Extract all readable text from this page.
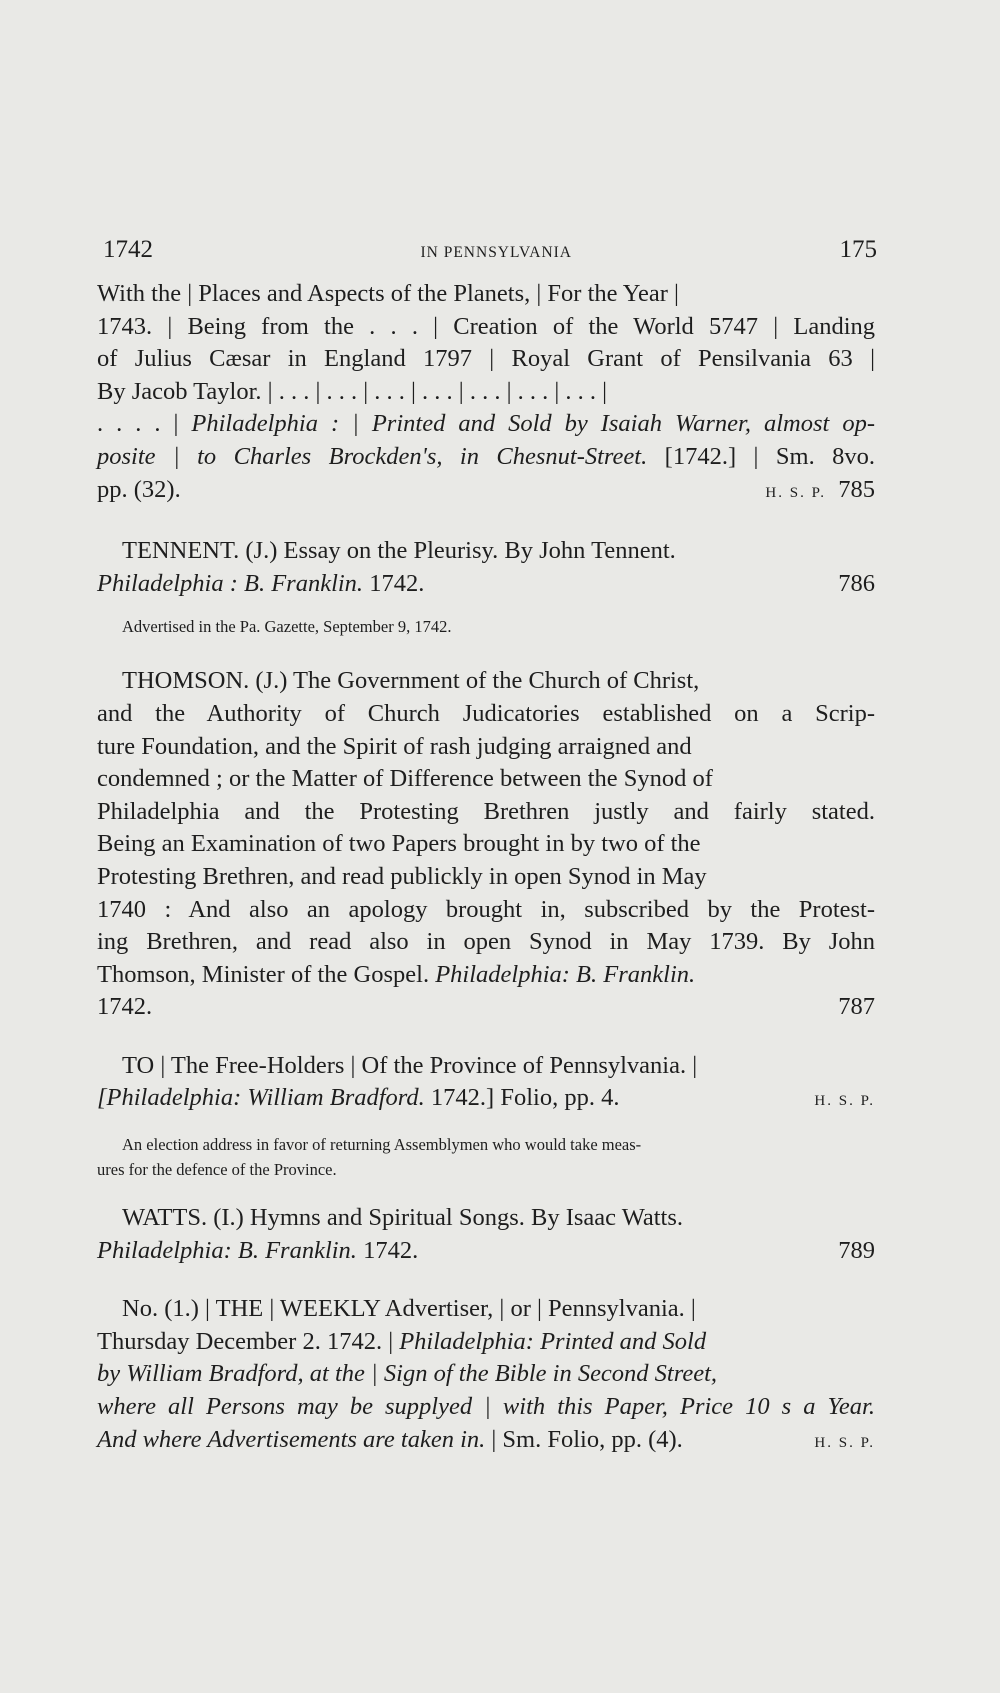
1742	IN PENNSYLVANIA	175
With the | Places and Aspects of the Planets, | For the Year |
1743. | Being from the . . . | Creation of the World 5747 | Landing
of Julius Cæsar in England 1797 | Royal Grant of Pensilvania 63 |
By Jacob Taylor. | . . . | . . . | . . . | . . . | . . . | . . . | . . . |
. . . . | Philadelphia : | Printed and Sold by Isaiah Warner, almost op-
posite | to Charles Brockden's, in Chesnut-Street. [1742.] | Sm. 8vo.
pp. (32).	H. S. P. 785
TENNENT. (J.) Essay on the Pleurisy. By John Tennent.
Philadelphia : B. Franklin. 1742.	786
Advertised in the Pa. Gazette, September 9, 1742.
THOMSON. (J.) The Government of the Church of Christ,
and the Authority of Church Judicatories established on a Scrip-
ture Foundation, and the Spirit of rash judging arraigned and
condemned ; or the Matter of Difference between the Synod of
Philadelphia and the Protesting Brethren justly and fairly stated.
Being an Examination of two Papers brought in by two of the
Protesting Brethren, and read publickly in open Synod in May
1740 : And also an apology brought in, subscribed by the Protest-
ing Brethren, and read also in open Synod in May 1739. By John
Thomson, Minister of the Gospel. Philadelphia: B. Franklin.
1742.	787
TO | The Free-Holders | Of the Province of Pennsylvania. |
[Philadelphia: William Bradford. 1742.] Folio, pp. 4.	H. S. P.
An election address in favor of returning Assemblymen who would take meas-
ures for the defence of the Province.
WATTS. (I.) Hymns and Spiritual Songs. By Isaac Watts.
Philadelphia: B. Franklin. 1742.	789
No. (1.) | THE | WEEKLY Advertiser, | or | Pennsylvania. |
Thursday December 2. 1742. | Philadelphia: Printed and Sold
by William Bradford, at the | Sign of the Bible in Second Street,
where all Persons may be supplyed | with this Paper, Price 10 s a Year.
And where Advertisements are taken in. | Sm. Folio, pp. (4).	H. S. P.
